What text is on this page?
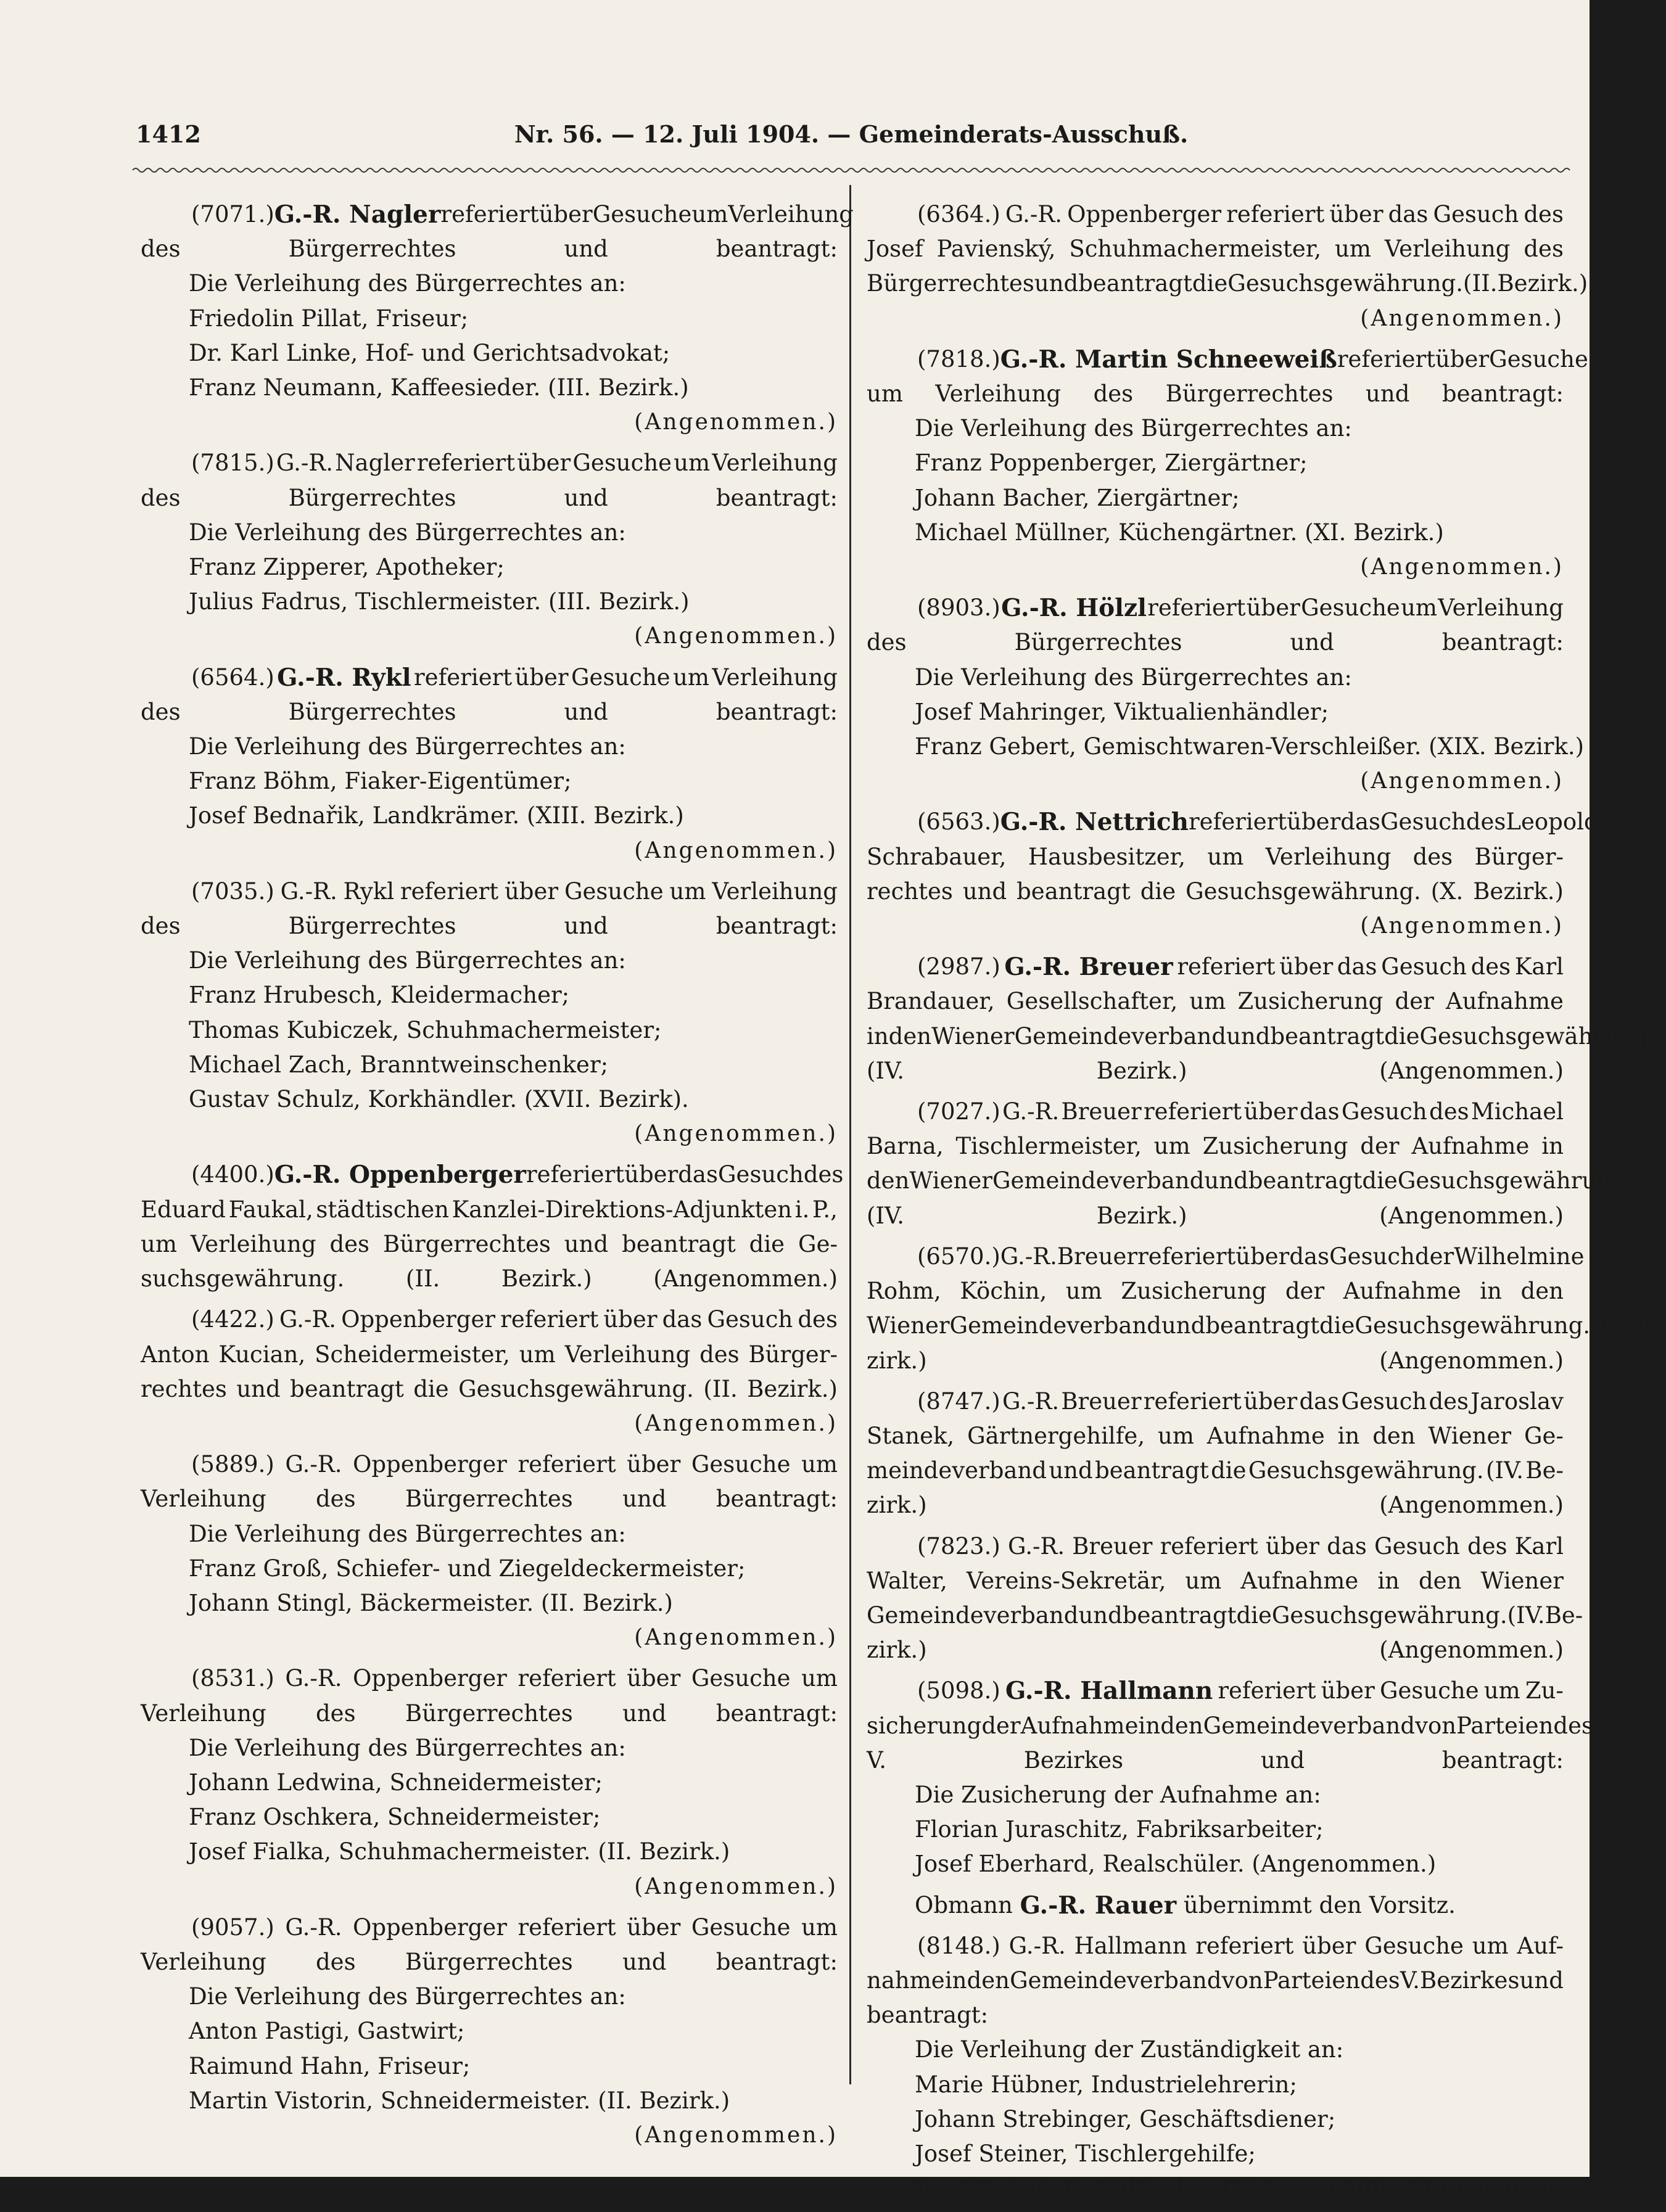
1412	Nr. 56. — 12. Juli 1904. — Gemeinderats-Ausschuß.
(7071.) G.-R. Nagler referiert über Gesuche um Verleihung
des	Bürgerrechtes	und	beantragt:
Die Verleihung des Bürgerrechtes an:
Friedolin Pillat, Friseur;
Dr. Karl Linke, Hof- und Gerichtsadvokat;
Franz Neumann, Kaffeesieder. (III. Bezirk.)
(Angenommen.)
(7815.) G.-R. Nagler referiert über Gesuche um Verleihung
des	Bürgerrechtes	und	beantragt:
Die Verleihung des Bürgerrechtes an:
Franz Zipperer, Apotheker;
Julius Fadrus, Tischlermeister. (III. Bezirk.)
(Angenommen.)
(6564.) G.-R. Rykl referiert über Gesuche um Verleihung
des	Bürgerrechtes	und	beantragt:
Die Verleihung des Bürgerrechtes an:
Franz Böhm, Fiaker-Eigentümer;
Josef Bednařik, Landkrämer. (XIII. Bezirk.)
(Angenommen.)
(7035.) G.-R. Rykl referiert über Gesuche um Verleihung
des	Bürgerrechtes	und	beantragt:
Die Verleihung des Bürgerrechtes an:
Franz Hrubesch, Kleidermacher;
Thomas Kubiczek, Schuhmachermeister;
Michael Zach, Branntweinschenker;
Gustav Schulz, Korkhändler. (XVII. Bezirk).
(Angenommen.)
(4400.) G.-R. Oppenberger referiert über das Gesuch des
Eduard Faukal, städtischen Kanzlei-Direktions-Adjunkten i. P.,
um Verleihung des Bürgerrechtes und beantragt die Ge-
suchsgewährung.	(II.	Bezirk.)	(Angenommen.)
(4422.) G.-R. Oppenberger referiert über das Gesuch des
Anton Kucian, Scheidermeister, um Verleihung des Bürger-
rechtes und beantragt die Gesuchsgewährung. (II. Bezirk.)
(Angenommen.)
(5889.) G.-R. Oppenberger referiert über Gesuche um
Verleihung des Bürgerrechtes und beantragt:
Die Verleihung des Bürgerrechtes an:
Franz Groß, Schiefer- und Ziegeldeckermeister;
Johann Stingl, Bäckermeister. (II. Bezirk.)
(Angenommen.)
(8531.) G.-R. Oppenberger referiert über Gesuche um
Verleihung des Bürgerrechtes und beantragt:
Die Verleihung des Bürgerrechtes an:
Johann Ledwina, Schneidermeister;
Franz Oschkera, Schneidermeister;
Josef Fialka, Schuhmachermeister. (II. Bezirk.)
(Angenommen.)
(9057.) G.-R. Oppenberger referiert über Gesuche um
Verleihung des Bürgerrechtes und beantragt:
Die Verleihung des Bürgerrechtes an:
Anton Pastigi, Gastwirt;
Raimund Hahn, Friseur;
Martin Vistorin, Schneidermeister. (II. Bezirk.)
(Angenommen.)
(6364.) G.-R. Oppenberger referiert über das Gesuch des
Josef Pavienský, Schuhmachermeister, um Verleihung des
Bürgerrechtes und beantragt die Gesuchsgewährung. (II. Bezirk.)
(Angenommen.)
(7818.) G.-R. Martin Schneeweiß referiert über Gesuche
um Verleihung des Bürgerrechtes und beantragt:
Die Verleihung des Bürgerrechtes an:
Franz Poppenberger, Ziergärtner;
Johann Bacher, Ziergärtner;
Michael Müllner, Küchengärtner. (XI. Bezirk.)
(Angenommen.)
(8903.) G.-R. Hölzl referiert über Gesuche um Verleihung
des	Bürgerrechtes	und	beantragt:
Die Verleihung des Bürgerrechtes an:
Josef Mahringer, Viktualienhändler;
Franz Gebert, Gemischtwaren-Verschleißer. (XIX. Bezirk.)
(Angenommen.)
(6563.) G.-R. Nettrich referiert über das Gesuch des Leopold
Schrabauer, Hausbesitzer, um Verleihung des Bürger-
rechtes und beantragt die Gesuchsgewährung. (X. Bezirk.)
(Angenommen.)
(2987.) G.-R. Breuer referiert über das Gesuch des Karl
Brandauer, Gesellschafter, um Zusicherung der Aufnahme
in den Wiener Gemeindeverband und beantragt die Gesuchsgewährung.
(IV.	Bezirk.)	(Angenommen.)
(7027.) G.-R. Breuer referiert über das Gesuch des Michael
Barna, Tischlermeister, um Zusicherung der Aufnahme in
den Wiener Gemeindeverband und beantragt die Gesuchsgewährung.
(IV.	Bezirk.)	(Angenommen.)
(6570.) G.-R. Breuer referiert über das Gesuch der Wilhelmine
Rohm, Köchin, um Zusicherung der Aufnahme in den
Wiener Gemeindeverband und beantragt die Gesuchsgewährung. (IV. Be-
zirk.)	(Angenommen.)
(8747.) G.-R. Breuer referiert über das Gesuch des Jaroslav
Stanek, Gärtnergehilfe, um Aufnahme in den Wiener Ge-
meindeverband und beantragt die Gesuchsgewährung. (IV. Be-
zirk.)	(Angenommen.)
(7823.) G.-R. Breuer referiert über das Gesuch des Karl
Walter, Vereins-Sekretär, um Aufnahme in den Wiener
Gemeindeverband und beantragt die Gesuchsgewährung. (IV. Be-
zirk.)	(Angenommen.)
(5098.) G.-R. Hallmann referiert über Gesuche um Zu-
sicherung der Aufnahme in den Gemeindeverband von Parteien des
V.	Bezirkes	und	beantragt:
Die Zusicherung der Aufnahme an:
Florian Juraschitz, Fabriksarbeiter;
Josef Eberhard, Realschüler. (Angenommen.)
Obmann G.-R. Rauer übernimmt den Vorsitz.
(8148.) G.-R. Hallmann referiert über Gesuche um Auf-
nahme in den Gemeindeverband von Parteien des V. Bezirkes und
beantragt:
Die Verleihung der Zuständigkeit an:
Marie Hübner, Industrielehrerin;
Johann Strebinger, Geschäftsdiener;
Josef Steiner, Tischlergehilfe;
Josef Schnöpf, städtischer Gärtnergehilfe. (Angenommen.)
